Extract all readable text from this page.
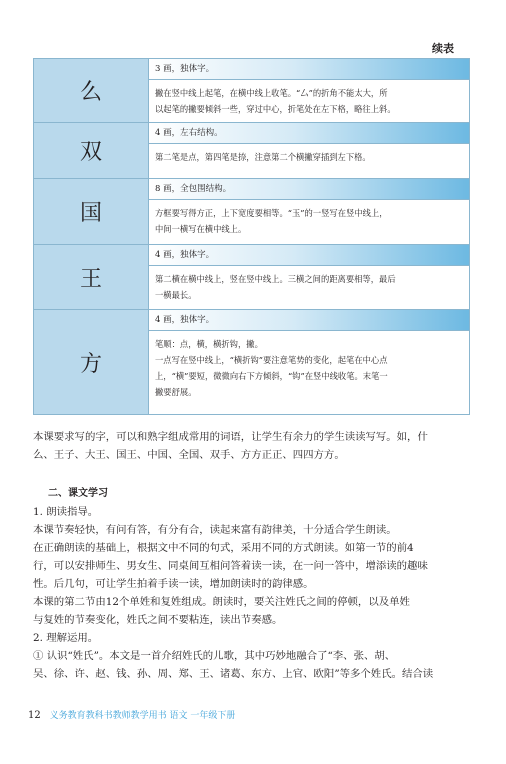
续表
么	3 画，独体字。
撇在竖中线上起笔，在横中线上收笔。“厶”的折角不能太大，所
以起笔的撇要倾斜一些，穿过中心，折笔处在左下格，略往上斜。

双	4 画，左右结构。
第二笔是点，第四笔是捺，注意第二个横撇穿插到左下格。

国	8 画，全包围结构。
方框要写得方正，上下宽度要相等。“玉”的一竖写在竖中线上，
中间一横写在横中线上。

王	4 画，独体字。
第二横在横中线上，竖在竖中线上。三横之间的距离要相等，最后
一横最长。

方	4 画，独体字。
笔顺：点，横，横折钩，撇。
一点写在竖中线上，“横折钩”要注意笔势的变化，起笔在中心点
上，“横”要短，微微向右下方倾斜，“钩”在竖中线收笔。末笔一
撇要舒展。
本课要求写的字，可以和熟字组成常用的词语，让学生有余力的学生读读写写。如，什
么、王子、大王、国王、中国、全国、双手、方方正正、四四方方。
二、课文学习
1. 朗读指导。
本课节奏轻快，有问有答，有分有合，读起来富有韵律美，十分适合学生朗读。
在正确朗读的基础上，根据文中不同的句式，采用不同的方式朗读。如第一节的前4
行，可以安排师生、男女生、同桌间互相问答着读一读，在一问一答中，增添读的趣味
性。后几句，可让学生拍着手读一读，增加朗读时的韵律感。
本课的第二节由12个单姓和复姓组成。朗读时，要关注姓氏之间的停顿，以及单姓
与复姓的节奏变化，姓氏之间不要粘连，读出节奏感。
2. 理解运用。
① 认识“姓氏”。本文是一首介绍姓氏的儿歌，其中巧妙地融合了“李、张、胡、
吴、徐、许、赵、钱、孙、周、郑、王、诸葛、东方、上官、欧阳”等多个姓氏。结合读
12 义务教育教科书教师教学用书 语文 一年级下册
